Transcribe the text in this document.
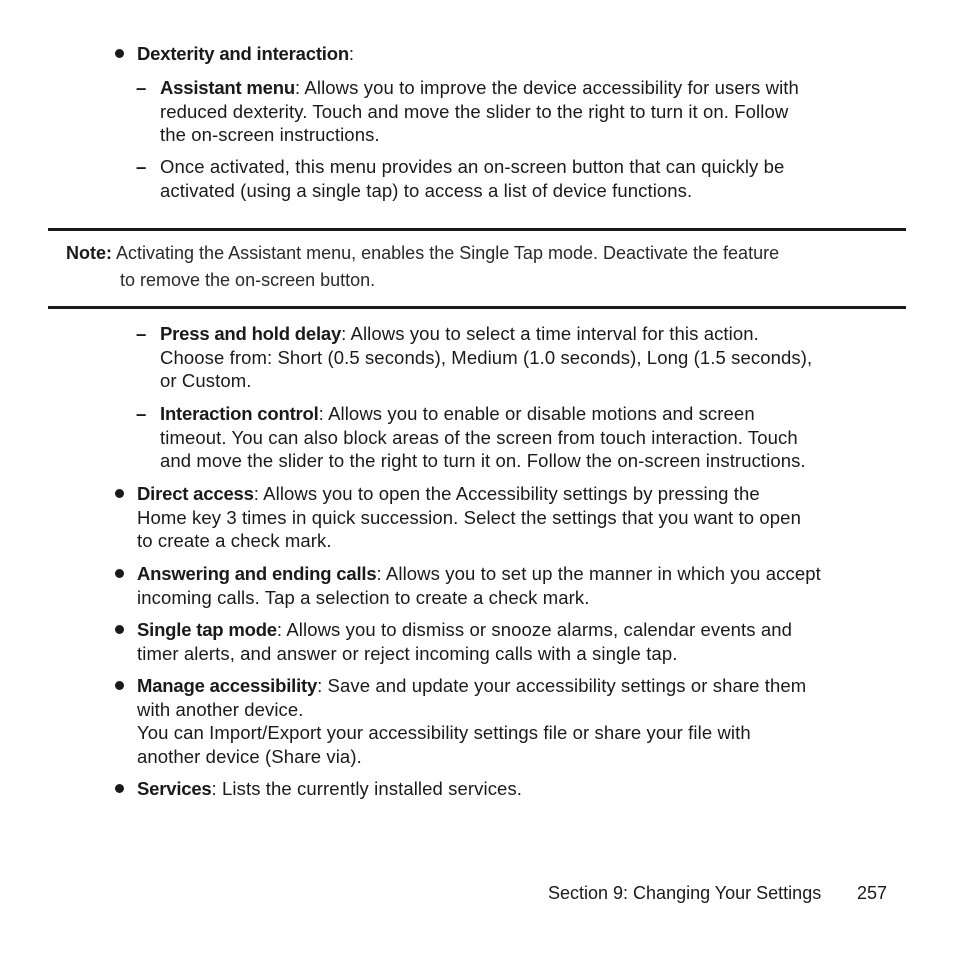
Dexterity and interaction:
– Assistant menu: Allows you to improve the device accessibility for users with
reduced dexterity. Touch and move the slider to the right to turn it on. Follow
the on-screen instructions.
– Once activated, this menu provides an on-screen button that can quickly be
activated (using a single tap) to access a list of device functions.
Note: Activating the Assistant menu, enables the Single Tap mode. Deactivate the feature
to remove the on-screen button.
– Press and hold delay: Allows you to select a time interval for this action.
Choose from: Short (0.5 seconds), Medium (1.0 seconds), Long (1.5 seconds),
or Custom.
– Interaction control: Allows you to enable or disable motions and screen
timeout. You can also block areas of the screen from touch interaction. Touch
and move the slider to the right to turn it on. Follow the on-screen instructions.
Direct access: Allows you to open the Accessibility settings by pressing the
Home key 3 times in quick succession. Select the settings that you want to open
to create a check mark.
Answering and ending calls: Allows you to set up the manner in which you accept
incoming calls. Tap a selection to create a check mark.
Single tap mode: Allows you to dismiss or snooze alarms, calendar events and
timer alerts, and answer or reject incoming calls with a single tap.
Manage accessibility: Save and update your accessibility settings or share them
with another device.
You can Import/Export your accessibility settings file or share your file with
another device (Share via).
Services: Lists the currently installed services.
Section 9: Changing Your Settings 257
